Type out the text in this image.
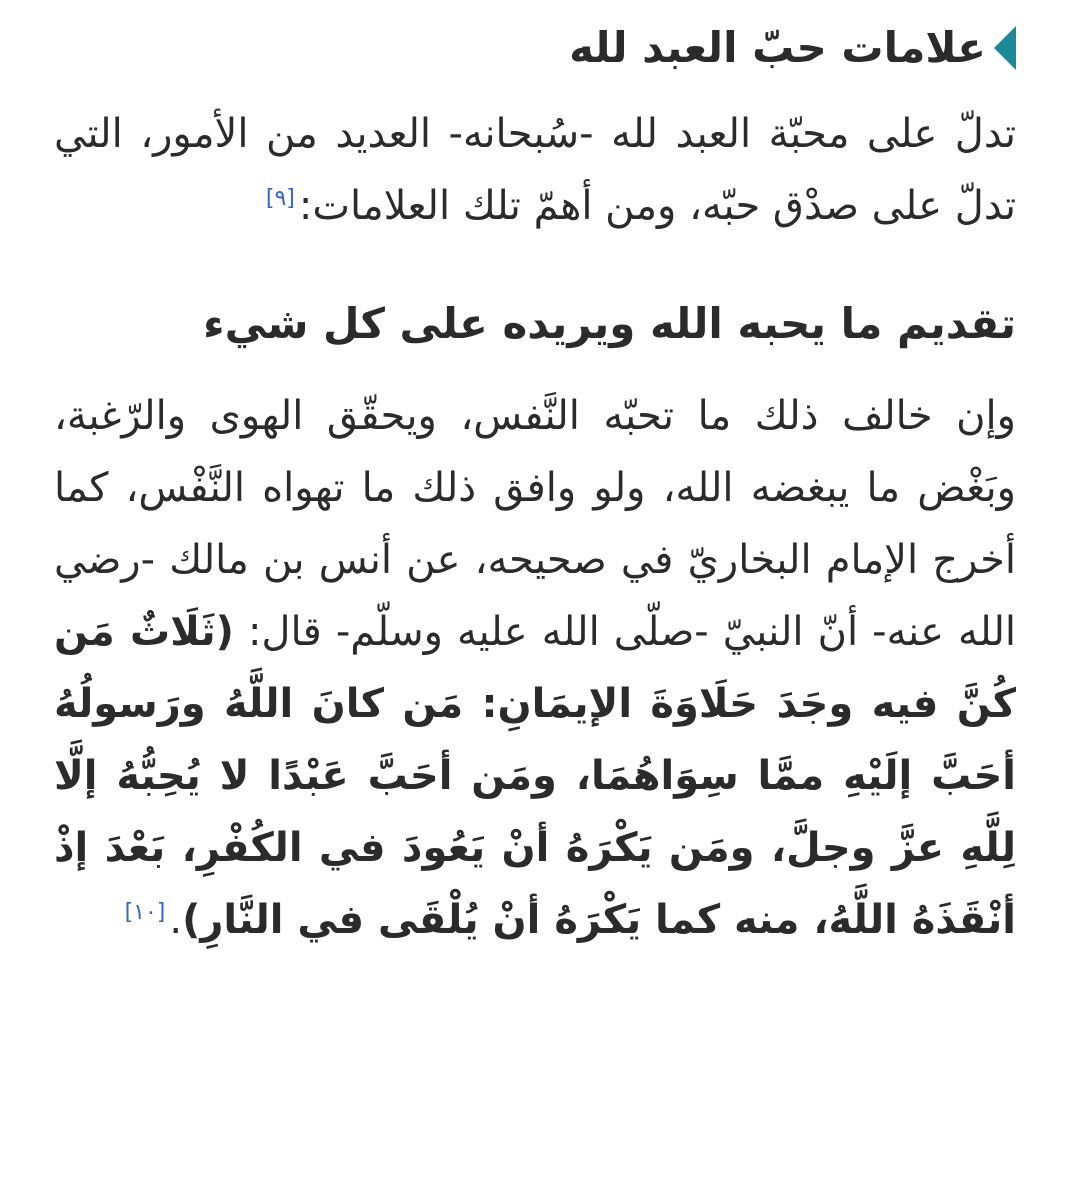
علامات حبّ العبد لله

تدلّ على محبّة العبد لله -سُبحانه- العديد من الأمور، التي تدلّ على صدْق حبّه، ومن أهمّ تلك العلامات:[٩]

تقديم ما يحبه الله ويريده على كل شيء

وإن خالف ذلك ما تحبّه النَّفس، ويحقّق الهوى والرّغبة، وبَغْض ما يبغضه الله، ولو وافق ذلك ما تهواه النَّفْس، كما أخرج الإمام البخاريّ في صحيحه، عن أنس بن مالك -رضي الله عنه- أنّ النبيّ -صلّى الله عليه وسلّم- قال: (ثَلَاثٌ مَن كُنَّ فيه وجَدَ حَلَاوَةَ الإيمَانِ: مَن كانَ اللَّهُ ورَسولُهُ أحَبَّ إلَيْهِ ممَّا سِوَاهُمَا، ومَن أحَبَّ عَبْدًا لا يُحِبُّهُ إلَّا لِلَّهِ عزَّ وجلَّ، ومَن يَكْرَهُ أنْ يَعُودَ في الكُفْرِ، بَعْدَ إذْ أنْقَذَهُ اللَّهُ، منه كما يَكْرَهُ أنْ يُلْقَى في النَّارِ).[١٠]
